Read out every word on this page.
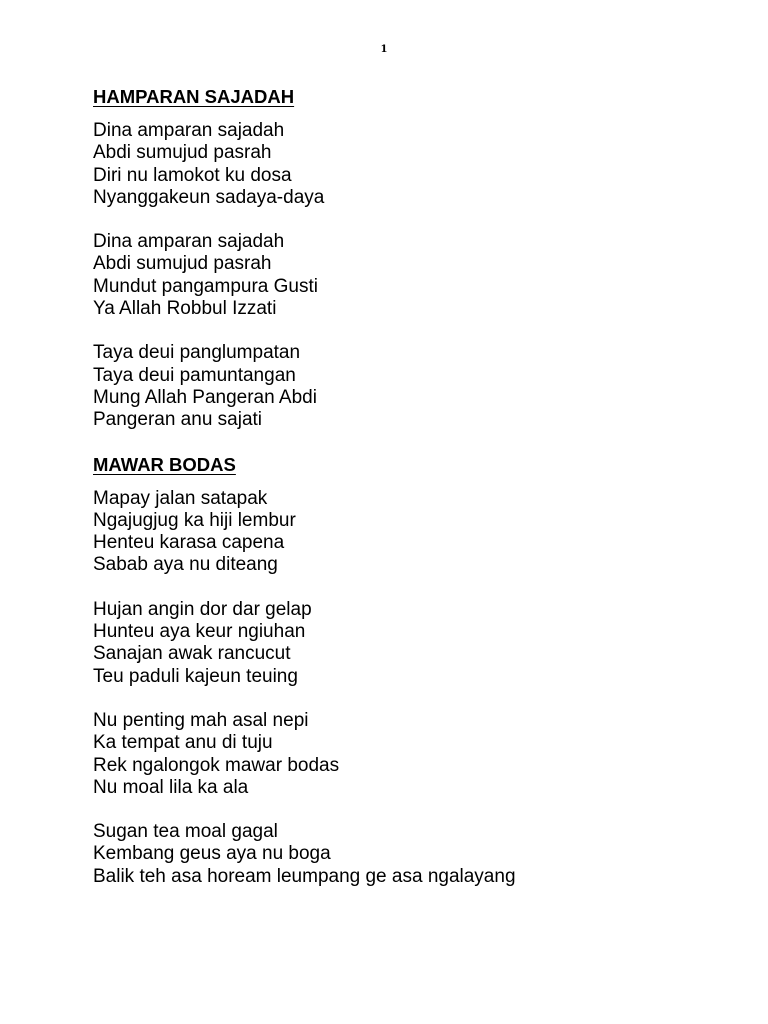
1
HAMPARAN SAJADAH
Dina amparan sajadah
Abdi sumujud pasrah
Diri nu lamokot ku dosa
Nyanggakeun sadaya-daya
Dina amparan sajadah
Abdi sumujud pasrah
Mundut pangampura Gusti
Ya Allah Robbul Izzati
Taya deui panglumpatan
Taya deui pamuntangan
Mung Allah Pangeran Abdi
Pangeran anu sajati
MAWAR BODAS
Mapay jalan satapak
Ngajugjug ka hiji lembur
Henteu karasa capena
Sabab aya nu diteang
Hujan angin dor dar gelap
Hunteu aya keur ngiuhan
Sanajan awak rancucut
Teu paduli kajeun teuing
Nu penting mah asal nepi
Ka tempat anu di tuju
Rek ngalongok mawar bodas
Nu moal lila ka ala
Sugan tea moal gagal
Kembang geus aya nu boga
Balik teh asa hoream leumpang ge asa ngalayang
